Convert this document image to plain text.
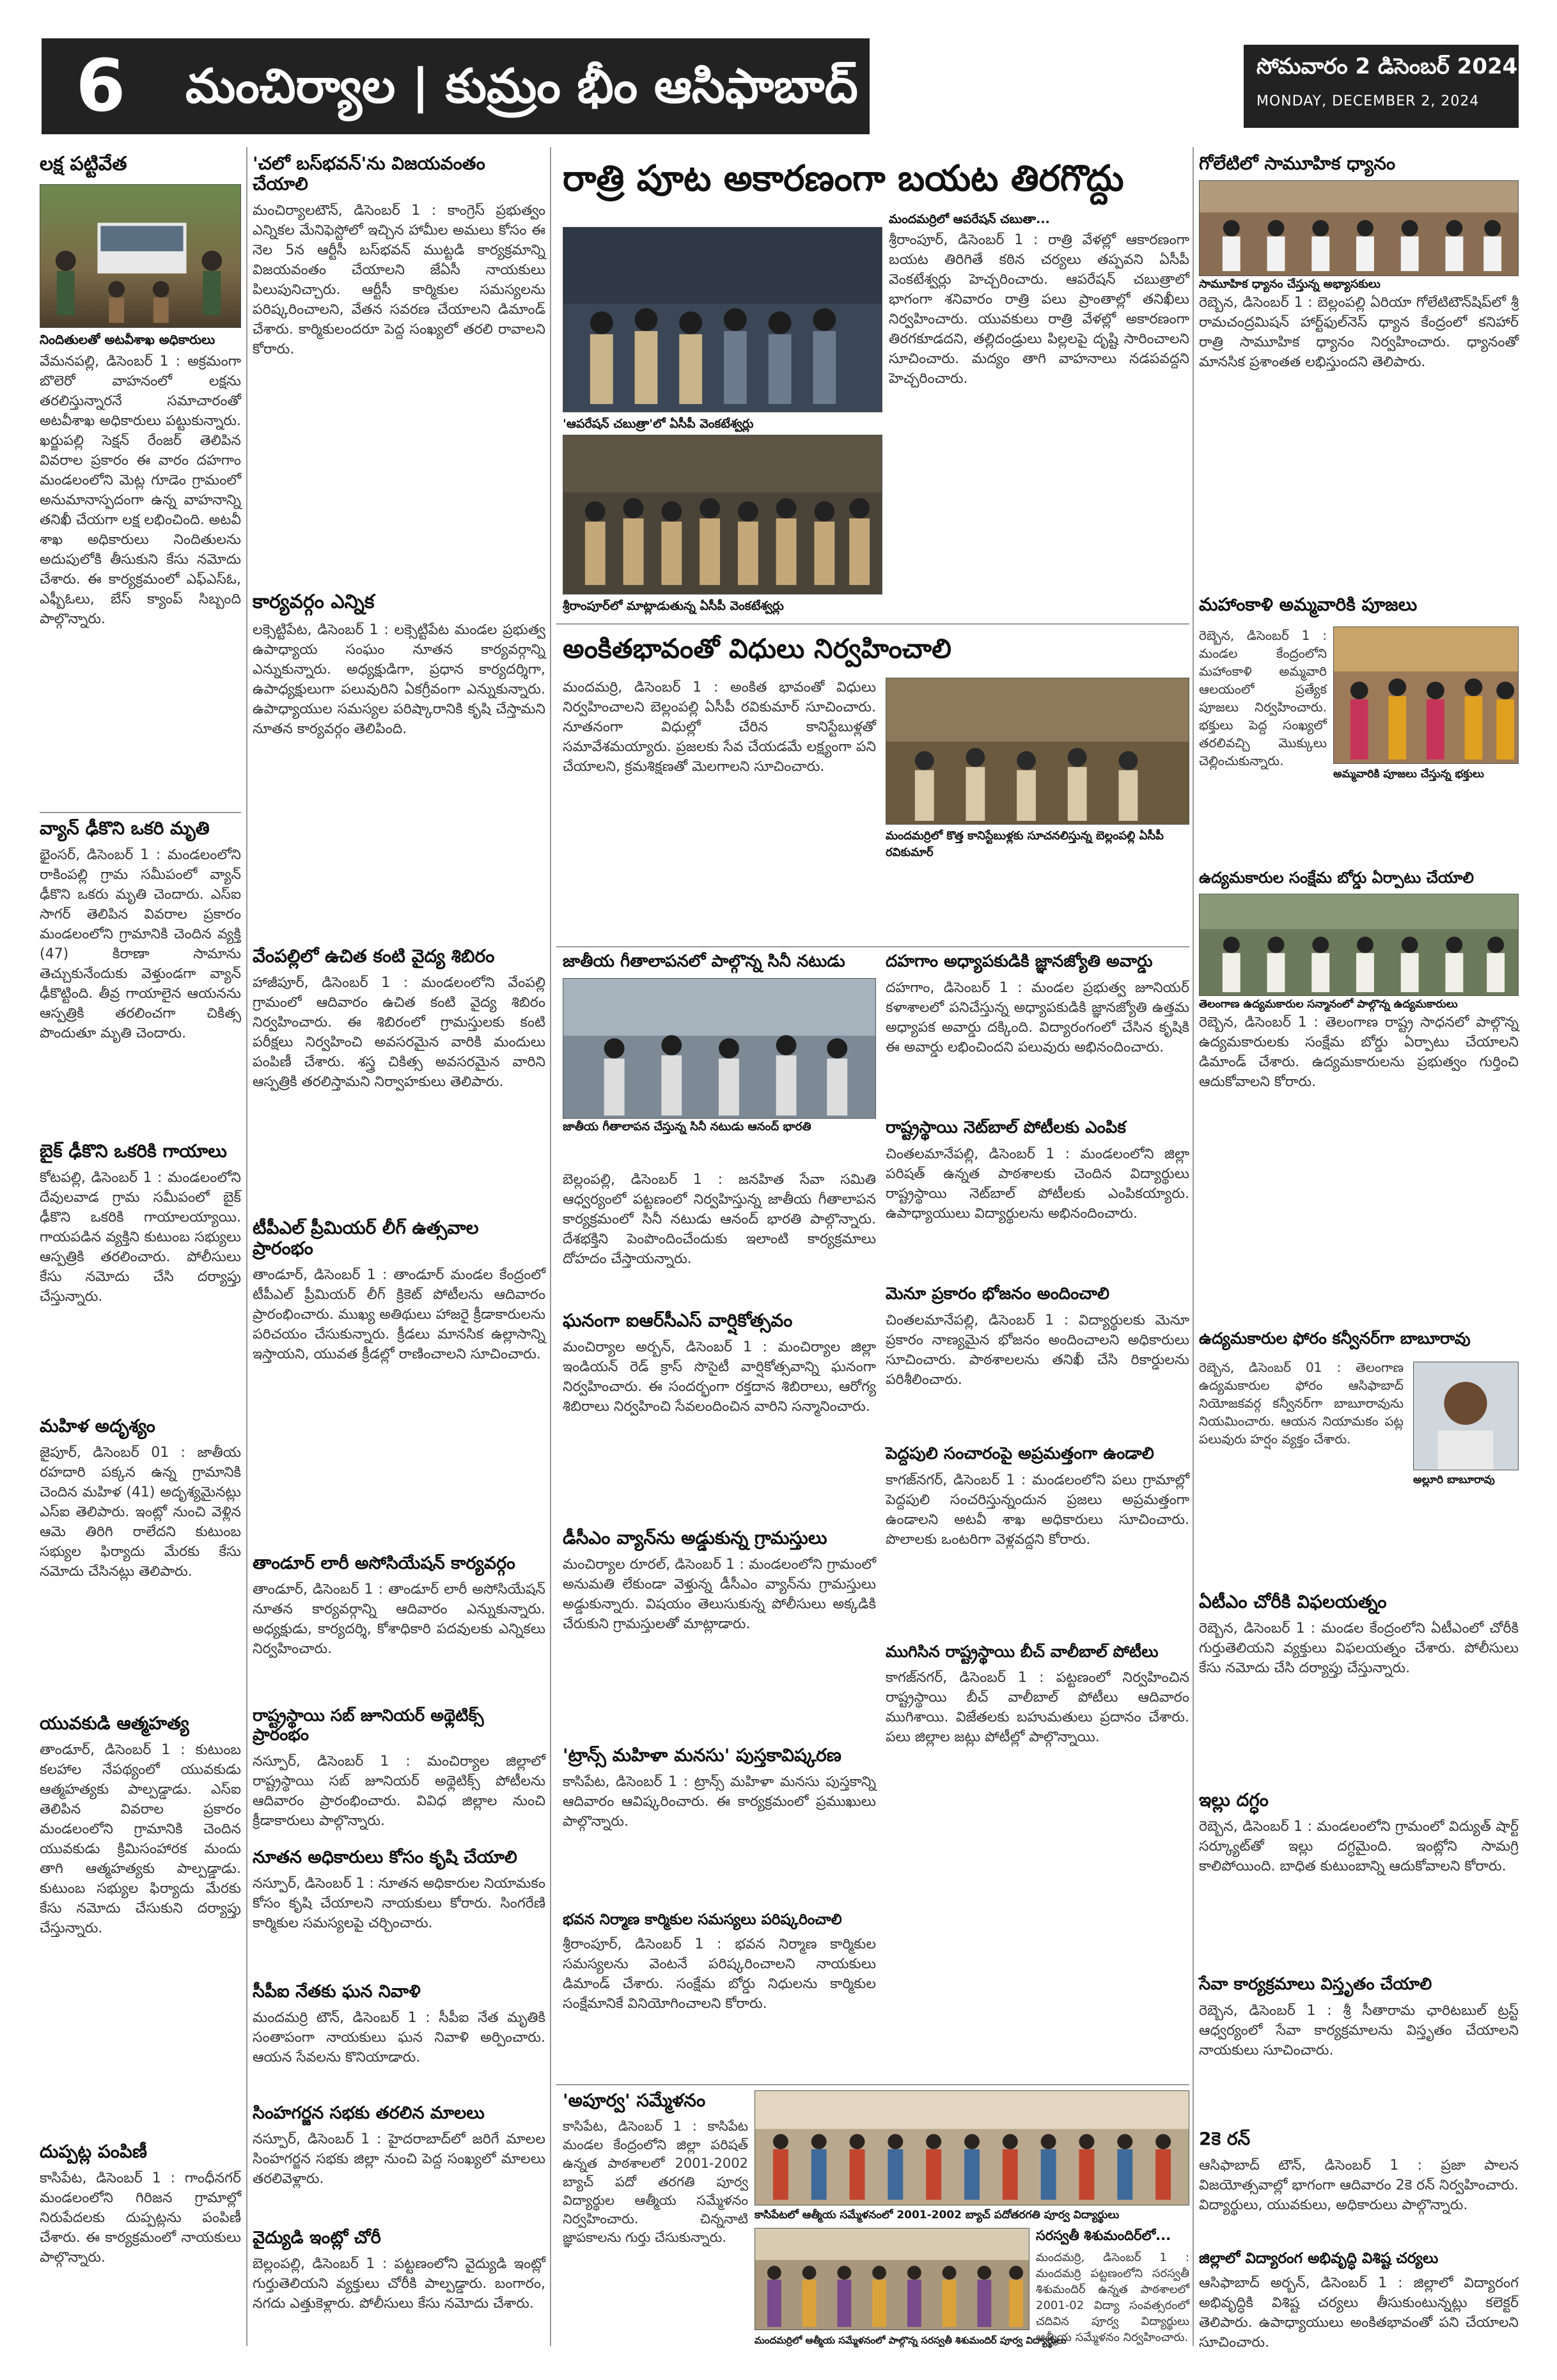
6	మంచిర్యాల | కుమ్రం భీం ఆసిఫాబాద్	సోమవారం 2 డిసెంబర్ 2024
MONDAY, DECEMBER 2, 2024
లక్ష పట్టివేత
నిందితులతో అటవీశాఖ అధికారులు
వేమనపల్లి, డిసెంబర్ 1 : అక్రమంగా బొలెరో వాహనంలో లక్షను తరలిస్తున్నారనే సమాచారంతో అటవీశాఖ అధికారులు పట్టుకున్నారు. ఖర్జుపల్లి సెక్షన్ రేంజర్ తెలిపిన వివరాల ప్రకారం ఈ వారం దహగాం మండలంలోని మెట్ల గూడెం గ్రామంలో అనుమానాస్పదంగా ఉన్న వాహనాన్ని తనిఖీ చేయగా లక్ష లభించింది. అటవీ శాఖ అధికారులు నిందితులను అదుపులోకి తీసుకుని కేసు నమోదు చేశారు. ఈ కార్యక్రమంలో ఎఫ్ఎస్ఓ, ఎఫ్బీఓలు, బేస్ క్యాంప్ సిబ్బంది పాల్గొన్నారు.
వ్యాన్ ఢీకొని ఒకరి మృతి
భైంసర్, డిసెంబర్ 1 : మండలంలోని రాకింపల్లి గ్రామ సమీపంలో వ్యాన్ ఢీకొని ఒకరు మృతి చెందారు. ఎస్ఐ సాగర్ తెలిపిన వివరాల ప్రకారం మండలంలోని గ్రామానికి చెందిన వ్యక్తి (47) కిరాణా సామాను తెచ్చుకునేందుకు వెళ్తుండగా వ్యాన్ ఢీకొట్టింది. తీవ్ర గాయాలైన ఆయనను ఆస్పత్రికి తరలించగా చికిత్స పొందుతూ మృతి చెందారు.
బైక్ ఢీకొని ఒకరికి గాయాలు
కోటపల్లి, డిసెంబర్ 1 : మండలంలోని దేవులవాడ గ్రామ సమీపంలో బైక్ ఢీకొని ఒకరికి గాయాలయ్యాయి. గాయపడిన వ్యక్తిని కుటుంబ సభ్యులు ఆస్పత్రికి తరలించారు. పోలీసులు కేసు నమోదు చేసి దర్యాప్తు చేస్తున్నారు.
మహిళ అదృశ్యం
జైపూర్, డిసెంబర్ 01 : జాతీయ రహదారి పక్కన ఉన్న గ్రామానికి చెందిన మహిళ (41) అదృశ్యమైనట్లు ఎస్ఐ తెలిపారు. ఇంట్లో నుంచి వెళ్లిన ఆమె తిరిగి రాలేదని కుటుంబ సభ్యుల ఫిర్యాదు మేరకు కేసు నమోదు చేసినట్లు తెలిపారు.
యువకుడి ఆత్మహత్య
తాండూర్, డిసెంబర్ 1 : కుటుంబ కలహాల నేపథ్యంలో యువకుడు ఆత్మహత్యకు పాల్పడ్డాడు. ఎస్ఐ తెలిపిన వివరాల ప్రకారం మండలంలోని గ్రామానికి చెందిన యువకుడు క్రిమిసంహారక మందు తాగి ఆత్మహత్యకు పాల్పడ్డాడు. కుటుంబ సభ్యుల ఫిర్యాదు మేరకు కేసు నమోదు చేసుకుని దర్యాప్తు చేస్తున్నారు.
దుప్పట్ల పంపిణీ
కాసిపేట, డిసెంబర్ 1 : గాంధీనగర్ మండలంలోని గిరిజన గ్రామాల్లో నిరుపేదలకు దుప్పట్లను పంపిణీ చేశారు. ఈ కార్యక్రమంలో నాయకులు పాల్గొన్నారు.
'చలో బస్‌భవన్‌'ను విజయవంతం చేయాలి
మంచిర్యాలటౌన్, డిసెంబర్ 1 : కాంగ్రెస్ ప్రభుత్వం ఎన్నికల మేనిఫెస్టోలో ఇచ్చిన హామీల అమలు కోసం ఈ నెల 5న ఆర్టీసీ బస్‌భవన్ ముట్టడి కార్యక్రమాన్ని విజయవంతం చేయాలని జేఏసీ నాయకులు పిలుపునిచ్చారు. ఆర్టీసీ కార్మికుల సమస్యలను పరిష్కరించాలని, వేతన సవరణ చేయాలని డిమాండ్ చేశారు. కార్మికులందరూ పెద్ద సంఖ్యలో తరలి రావాలని కోరారు.
కార్యవర్గం ఎన్నిక
లక్సెట్టిపేట, డిసెంబర్ 1 : లక్సెట్టిపేట మండల ప్రభుత్వ ఉపాధ్యాయ సంఘం నూతన కార్యవర్గాన్ని ఎన్నుకున్నారు. అధ్యక్షుడిగా, ప్రధాన కార్యదర్శిగా, ఉపాధ్యక్షులుగా పలువురిని ఏకగ్రీవంగా ఎన్నుకున్నారు. ఉపాధ్యాయుల సమస్యల పరిష్కారానికి కృషి చేస్తామని నూతన కార్యవర్గం తెలిపింది.
వేంపల్లిలో ఉచిత కంటి వైద్య శిబిరం
హాజీపూర్, డిసెంబర్ 1 : మండలంలోని వేంపల్లి గ్రామంలో ఆదివారం ఉచిత కంటి వైద్య శిబిరం నిర్వహించారు. ఈ శిబిరంలో గ్రామస్తులకు కంటి పరీక్షలు నిర్వహించి అవసరమైన వారికి మందులు పంపిణీ చేశారు. శస్త్ర చికిత్స అవసరమైన వారిని ఆస్పత్రికి తరలిస్తామని నిర్వాహకులు తెలిపారు.
టీపీఎల్ ప్రీమియర్ లీగ్ ఉత్సవాల ప్రారంభం
తాండూర్, డిసెంబర్ 1 : తాండూర్ మండల కేంద్రంలో టీపీఎల్ ప్రీమియర్ లీగ్ క్రికెట్ పోటీలను ఆదివారం ప్రారంభించారు. ముఖ్య అతిథులు హాజరై క్రీడాకారులను పరిచయం చేసుకున్నారు. క్రీడలు మానసిక ఉల్లాసాన్ని ఇస్తాయని, యువత క్రీడల్లో రాణించాలని సూచించారు.
తాండూర్ లారీ అసోసియేషన్ కార్యవర్గం
తాండూర్, డిసెంబర్ 1 : తాండూర్ లారీ అసోసియేషన్ నూతన కార్యవర్గాన్ని ఆదివారం ఎన్నుకున్నారు. అధ్యక్షుడు, కార్యదర్శి, కోశాధికారి పదవులకు ఎన్నికలు నిర్వహించారు.
రాష్ట్రస్థాయి సబ్ జూనియర్ అథ్లెటిక్స్ ప్రారంభం
నస్పూర్, డిసెంబర్ 1 : మంచిర్యాల జిల్లాలో రాష్ట్రస్థాయి సబ్ జూనియర్ అథ్లెటిక్స్ పోటీలను ఆదివారం ప్రారంభించారు. వివిధ జిల్లాల నుంచి క్రీడాకారులు పాల్గొన్నారు.
నూతన అధికారులు కోసం కృషి చేయాలి
నస్పూర్, డిసెంబర్ 1 : నూతన అధికారుల నియామకం కోసం కృషి చేయాలని నాయకులు కోరారు. సింగరేణి కార్మికుల సమస్యలపై చర్చించారు.
సీపీఐ నేతకు ఘన నివాళి
మందమర్రి టౌన్, డిసెంబర్ 1 : సీపీఐ నేత మృతికి సంతాపంగా నాయకులు ఘన నివాళి అర్పించారు. ఆయన సేవలను కొనియాడారు.
సింహగర్జన సభకు తరలిన మాలలు
నస్పూర్, డిసెంబర్ 1 : హైదరాబాద్‌లో జరిగే మాలల సింహగర్జన సభకు జిల్లా నుంచి పెద్ద సంఖ్యలో మాలలు తరలివెళ్లారు.
వైద్యుడి ఇంట్లో చోరీ
బెల్లంపల్లి, డిసెంబర్ 1 : పట్టణంలోని వైద్యుడి ఇంట్లో గుర్తుతెలియని వ్యక్తులు చోరీకి పాల్పడ్డారు. బంగారం, నగదు ఎత్తుకెళ్లారు. పోలీసులు కేసు నమోదు చేశారు.
రాత్రి పూట అకారణంగా బయట తిరగొద్దు
మందమర్రిలో ఆపరేషన్ చబుతా...
'ఆపరేషన్ చబుత్రా'లో ఏసీపీ వెంకటేశ్వర్లు
శ్రీరాంపూర్‌లో మాట్లాడుతున్న ఏసీపీ వెంకటేశ్వర్లు
శ్రీరాంపూర్, డిసెంబర్ 1 : రాత్రి వేళల్లో ఆకారణంగా బయట తిరిగితే కఠిన చర్యలు తప్పవని ఏసీపీ వెంకటేశ్వర్లు హెచ్చరించారు. ఆపరేషన్ చబుత్రాలో భాగంగా శనివారం రాత్రి పలు ప్రాంతాల్లో తనిఖీలు నిర్వహించారు. యువకులు రాత్రి వేళల్లో అకారణంగా తిరగకూడదని, తల్లిదండ్రులు పిల్లలపై దృష్టి సారించాలని సూచించారు. మద్యం తాగి వాహనాలు నడపవద్దని హెచ్చరించారు.
అంకితభావంతో విధులు నిర్వహించాలి
మందమర్రి, డిసెంబర్ 1 : అంకిత భావంతో విధులు నిర్వహించాలని బెల్లంపల్లి ఏసీపీ రవికుమార్ సూచించారు. నూతనంగా విధుల్లో చేరిన కానిస్టేబుళ్లతో సమావేశమయ్యారు. ప్రజలకు సేవ చేయడమే లక్ష్యంగా పని చేయాలని, క్రమశిక్షణతో మెలగాలని సూచించారు.
మందమర్రిలో కొత్త కానిస్టేబుళ్లకు సూచనలిస్తున్న బెల్లంపల్లి ఏసీపీ రవికుమార్
జాతీయ గీతాలాపనలో పాల్గొన్న సినీ నటుడు
జాతీయ గీతాలాపన చేస్తున్న సినీ నటుడు ఆనంద్ భారతి
బెల్లంపల్లి, డిసెంబర్ 1 : జనహిత సేవా సమితి ఆధ్వర్యంలో పట్టణంలో నిర్వహిస్తున్న జాతీయ గీతాలాపన కార్యక్రమంలో సినీ నటుడు ఆనంద్ భారతి పాల్గొన్నారు. దేశభక్తిని పెంపొందించేందుకు ఇలాంటి కార్యక్రమాలు దోహదం చేస్తాయన్నారు.
ఘనంగా ఐఆర్‌సీఎస్ వార్షికోత్సవం
మంచిర్యాల అర్బన్, డిసెంబర్ 1 : మంచిర్యాల జిల్లా ఇండియన్ రెడ్ క్రాస్ సొసైటీ వార్షికోత్సవాన్ని ఘనంగా నిర్వహించారు. ఈ సందర్భంగా రక్తదాన శిబిరాలు, ఆరోగ్య శిబిరాలు నిర్వహించి సేవలందించిన వారిని సన్మానించారు.
డీసీఎం వ్యాన్‌ను అడ్డుకున్న గ్రామస్తులు
మంచిర్యాల రూరల్, డిసెంబర్ 1 : మండలంలోని గ్రామంలో అనుమతి లేకుండా వెళ్తున్న డీసీఎం వ్యాన్‌ను గ్రామస్తులు అడ్డుకున్నారు. విషయం తెలుసుకున్న పోలీసులు అక్కడికి చేరుకుని గ్రామస్తులతో మాట్లాడారు.
'ట్రాన్స్ మహిళా మనసు' పుస్తకావిష్కరణ
కాసిపేట, డిసెంబర్ 1 : ట్రాన్స్ మహిళా మనసు పుస్తకాన్ని ఆదివారం ఆవిష్కరించారు. ఈ కార్యక్రమంలో ప్రముఖులు పాల్గొన్నారు.
భవన నిర్మాణ కార్మికుల సమస్యలు పరిష్కరించాలి
శ్రీరాంపూర్, డిసెంబర్ 1 : భవన నిర్మాణ కార్మికుల సమస్యలను వెంటనే పరిష్కరించాలని నాయకులు డిమాండ్ చేశారు. సంక్షేమ బోర్డు నిధులను కార్మికుల సంక్షేమానికే వినియోగించాలని కోరారు.
దహగాం అధ్యాపకుడికి జ్ఞానజ్యోతి అవార్డు
దహగాం, డిసెంబర్ 1 : మండల ప్రభుత్వ జూనియర్ కళాశాలలో పనిచేస్తున్న అధ్యాపకుడికి జ్ఞానజ్యోతి ఉత్తమ అధ్యాపక అవార్డు దక్కింది. విద్యారంగంలో చేసిన కృషికి ఈ అవార్డు లభించిందని పలువురు అభినందించారు.
రాష్ట్రస్థాయి నెట్‌బాల్ పోటీలకు ఎంపిక
చింతలమానేపల్లి, డిసెంబర్ 1 : మండలంలోని జిల్లా పరిషత్ ఉన్నత పాఠశాలకు చెందిన విద్యార్థులు రాష్ట్రస్థాయి నెట్‌బాల్ పోటీలకు ఎంపికయ్యారు. ఉపాధ్యాయులు విద్యార్థులను అభినందించారు.
మెనూ ప్రకారం భోజనం అందించాలి
చింతలమానేపల్లి, డిసెంబర్ 1 : విద్యార్థులకు మెనూ ప్రకారం నాణ్యమైన భోజనం అందించాలని అధికారులు సూచించారు. పాఠశాలలను తనిఖీ చేసి రికార్డులను పరిశీలించారు.
పెద్దపులి సంచారంపై అప్రమత్తంగా ఉండాలి
కాగజ్‌నగర్, డిసెంబర్ 1 : మండలంలోని పలు గ్రామాల్లో పెద్దపులి సంచరిస్తున్నందున ప్రజలు అప్రమత్తంగా ఉండాలని అటవీ శాఖ అధికారులు సూచించారు. పొలాలకు ఒంటరిగా వెళ్లవద్దని కోరారు.
ముగిసిన రాష్ట్రస్థాయి బీచ్ వాలీబాల్ పోటీలు
కాగజ్‌నగర్, డిసెంబర్ 1 : పట్టణంలో నిర్వహించిన రాష్ట్రస్థాయి బీచ్ వాలీబాల్ పోటీలు ఆదివారం ముగిశాయి. విజేతలకు బహుమతులు ప్రదానం చేశారు. పలు జిల్లాల జట్లు పోటీల్లో పాల్గొన్నాయి.
'అపూర్వ' సమ్మేళనం
కాసిపేట, డిసెంబర్ 1 : కాసిపేట మండల కేంద్రంలోని జిల్లా పరిషత్ ఉన్నత పాఠశాలలో 2001-2002 బ్యాచ్ పదో తరగతి పూర్వ విద్యార్థుల ఆత్మీయ సమ్మేళనం నిర్వహించారు. చిన్ననాటి జ్ఞాపకాలను గుర్తు చేసుకున్నారు.
కాసిపేటలో ఆత్మీయ సమ్మేళనంలో 2001-2002 బ్యాచ్ పదోతరగతి పూర్వ విద్యార్థులు
మందమర్రిలో ఆత్మీయ సమ్మేళనంలో పాల్గొన్న సరస్వతీ శిశుమందిర్ పూర్వ విద్యార్థులు
సరస్వతీ శిశుమందిర్‌లో...
మందమర్రి, డిసెంబర్ 1 : మందమర్రి పట్టణంలోని సరస్వతీ శిశుమందిర్ ఉన్నత పాఠశాలలో 2001-02 విద్యా సంవత్సరంలో చదివిన పూర్వ విద్యార్థులు ఆత్మీయ సమ్మేళనం నిర్వహించారు.
గోలేటిలో సామూహిక ధ్యానం
సామూహిక ధ్యానం చేస్తున్న అభ్యాసకులు
రెబ్బెన, డిసెంబర్ 1 : బెల్లంపల్లి ఏరియా గోలేటిటౌన్‌షిప్‌లో శ్రీ రామచంద్రమిషన్ హార్ట్‌ఫుల్‌నెస్ ధ్యాన కేంద్రంలో కనిహార్ రాత్రి సామూహిక ధ్యానం నిర్వహించారు. ధ్యానంతో మానసిక ప్రశాంతత లభిస్తుందని తెలిపారు.
మహాంకాళి అమ్మవారికి పూజలు
రెబ్బెన, డిసెంబర్ 1 : మండల కేంద్రంలోని మహాంకాళి అమ్మవారి ఆలయంలో ప్రత్యేక పూజలు నిర్వహించారు. భక్తులు పెద్ద సంఖ్యలో తరలివచ్చి మొక్కులు చెల్లించుకున్నారు.
అమ్మవారికి పూజలు చేస్తున్న భక్తులు
ఉద్యమకారుల సంక్షేమ బోర్డు ఏర్పాటు చేయాలి
తెలంగాణ ఉద్యమకారుల సన్మానంలో పాల్గొన్న ఉద్యమకారులు
రెబ్బెన, డిసెంబర్ 1 : తెలంగాణ రాష్ట్ర సాధనలో పాల్గొన్న ఉద్యమకారులకు సంక్షేమ బోర్డు ఏర్పాటు చేయాలని డిమాండ్ చేశారు. ఉద్యమకారులను ప్రభుత్వం గుర్తించి ఆదుకోవాలని కోరారు.
ఉద్యమకారుల ఫోరం కన్వీనర్‌గా బాబూరావు
రెబ్బెన, డిసెంబర్ 01 : తెలంగాణ ఉద్యమకారుల ఫోరం ఆసిఫాబాద్ నియోజకవర్గ కన్వీనర్‌గా బాబూరావును నియమించారు. ఆయన నియామకం పట్ల పలువురు హర్షం వ్యక్తం చేశారు.
అల్లూరి బాబూరావు
ఏటీఎం చోరీకి విఫలయత్నం
రెబ్బెన, డిసెంబర్ 1 : మండల కేంద్రంలోని ఏటీఎంలో చోరీకి గుర్తుతెలియని వ్యక్తులు విఫలయత్నం చేశారు. పోలీసులు కేసు నమోదు చేసి దర్యాప్తు చేస్తున్నారు.
ఇల్లు దగ్ధం
రెబ్బెన, డిసెంబర్ 1 : మండలంలోని గ్రామంలో విద్యుత్ షార్ట్ సర్క్యూట్‌తో ఇల్లు దగ్ధమైంది. ఇంట్లోని సామగ్రి కాలిపోయింది. బాధిత కుటుంబాన్ని ఆదుకోవాలని కోరారు.
సేవా కార్యక్రమాలు విస్తృతం చేయాలి
రెబ్బెన, డిసెంబర్ 1 : శ్రీ సీతారామ ఛారిటబుల్ ట్రస్ట్ ఆధ్వర్యంలో సేవా కార్యక్రమాలను విస్తృతం చేయాలని నాయకులు సూచించారు.
2కె రన్
ఆసిఫాబాద్ టౌన్, డిసెంబర్ 1 : ప్రజా పాలన విజయోత్సవాల్లో భాగంగా ఆదివారం 2కె రన్ నిర్వహించారు. విద్యార్థులు, యువకులు, అధికారులు పాల్గొన్నారు.
జిల్లాలో విద్యారంగ అభివృద్ధి విశిష్ట చర్యలు
ఆసిఫాబాద్ అర్బన్, డిసెంబర్ 1 : జిల్లాలో విద్యారంగ అభివృద్ధికి విశిష్ట చర్యలు తీసుకుంటున్నట్లు కలెక్టర్ తెలిపారు. ఉపాధ్యాయులు అంకితభావంతో పని చేయాలని సూచించారు.
